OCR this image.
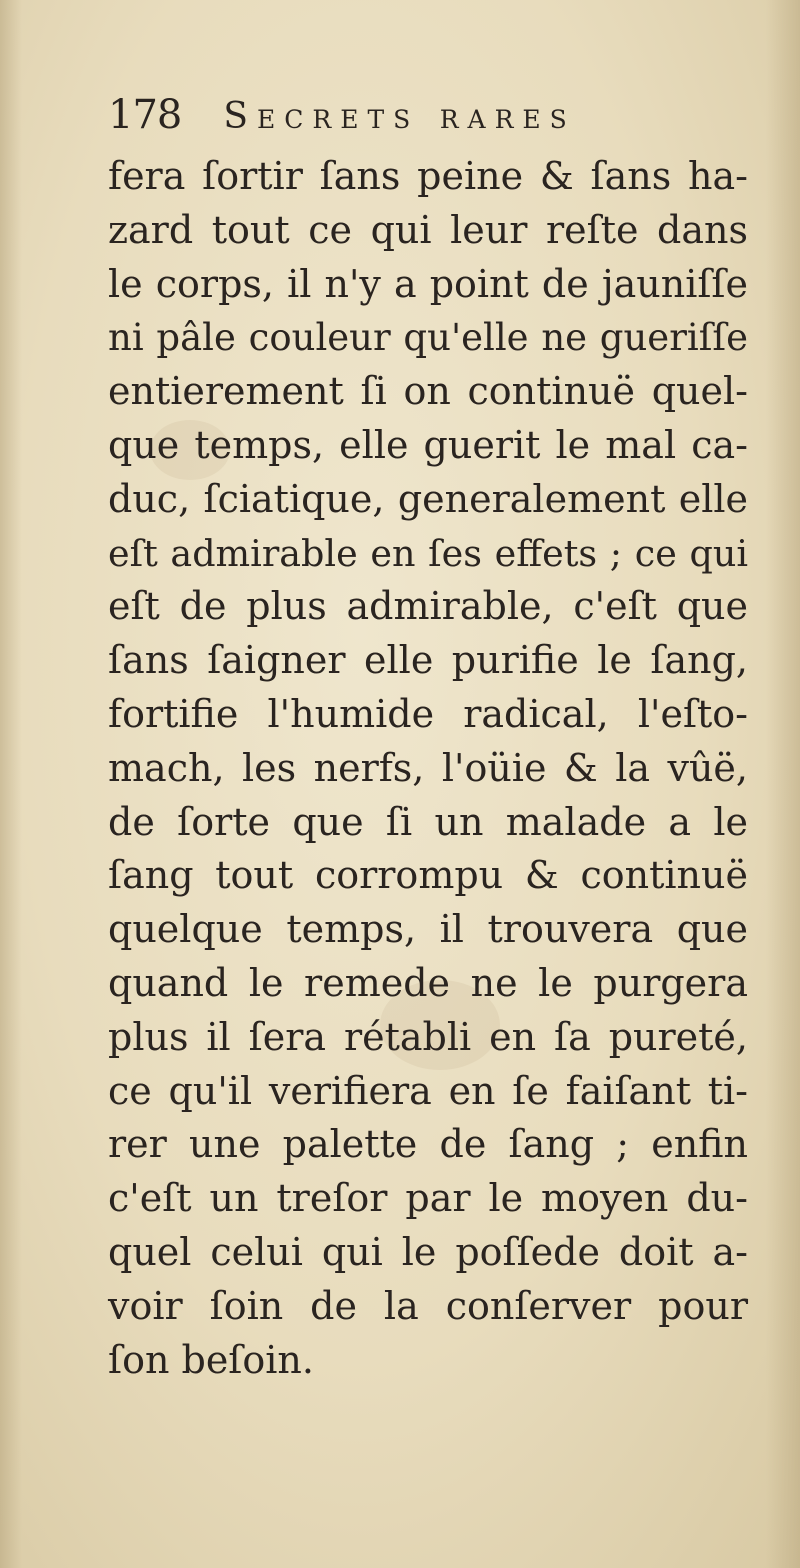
178 Secrets rares
fera ſortir ſans peine & ſans ha-
zard tout ce qui leur reſte dans
le corps, il n'y a point de jauniſſe
ni pâle couleur qu'elle ne gueriſſe
entierement ſi on continuë quel-
que temps, elle guerit le mal ca-
duc, ſciatique, generalement elle
eſt admirable en ſes effets ; ce qui
eſt de plus admirable, c'eſt que
ſans ſaigner elle purifie le ſang,
fortifie l'humide radical, l'eſto-
mach, les nerfs, l'oüie & la vûë,
de ſorte que ſi un malade a le
ſang tout corrompu & continuë
quelque temps, il trouvera que
quand le remede ne le purgera
plus il ſera rétabli en ſa pureté,
ce qu'il verifiera en ſe faiſant ti-
rer une palette de ſang ; enfin
c'eſt un treſor par le moyen du-
quel celui qui le poſſede doit a-
voir ſoin de la conſerver pour
ſon beſoin.
